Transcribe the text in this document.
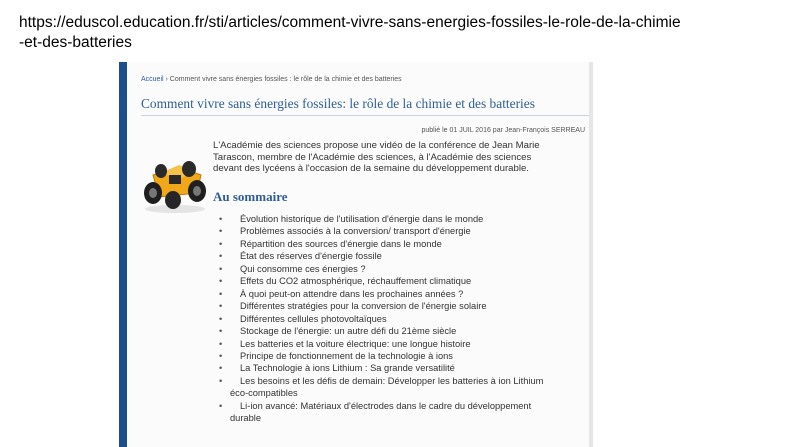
https://eduscol.education.fr/sti/articles/comment-vivre-sans-energies-fossiles-le-role-de-la-chimie
-et-des-batteries
Accueil › Comment vivre sans énergies fossiles : le rôle de la chimie et des batteries
Comment vivre sans énergies fossiles: le rôle de la chimie et des batteries
publié le 01 JUIL 2016 par Jean-François SERREAU
L'Académie des sciences propose une vidéo de la conférence de Jean Marie Tarascon, membre de l'Académie des sciences, à l'Académie des sciences devant des lycéens à l'occasion de la semaine du développement durable.
Au sommaire
• Évolution historique de l'utilisation d'énergie dans le monde
• Problèmes associés à la conversion/ transport d'énergie
• Répartition des sources d'énergie dans le monde
• État des réserves d'énergie fossile
• Qui consomme ces énergies ?
• Effets du CO2 atmosphérique, réchauffement climatique
• À quoi peut-on attendre dans les prochaines années ?
• Différentes stratégies pour la conversion de l'énergie solaire
• Différentes cellules photovoltaïques
• Stockage de l'énergie: un autre défi du 21ème siècle
• Les batteries et la voiture électrique: une longue histoire
• Principe de fonctionnement de la technologie à ions
• La Technologie à ions Lithium : Sa grande versatilité
• Les besoins et les défis de demain: Développer les batteries à ion Lithium
éco-compatibles
• Li-ion avancé: Matériaux d'électrodes dans le cadre du développement
durable
